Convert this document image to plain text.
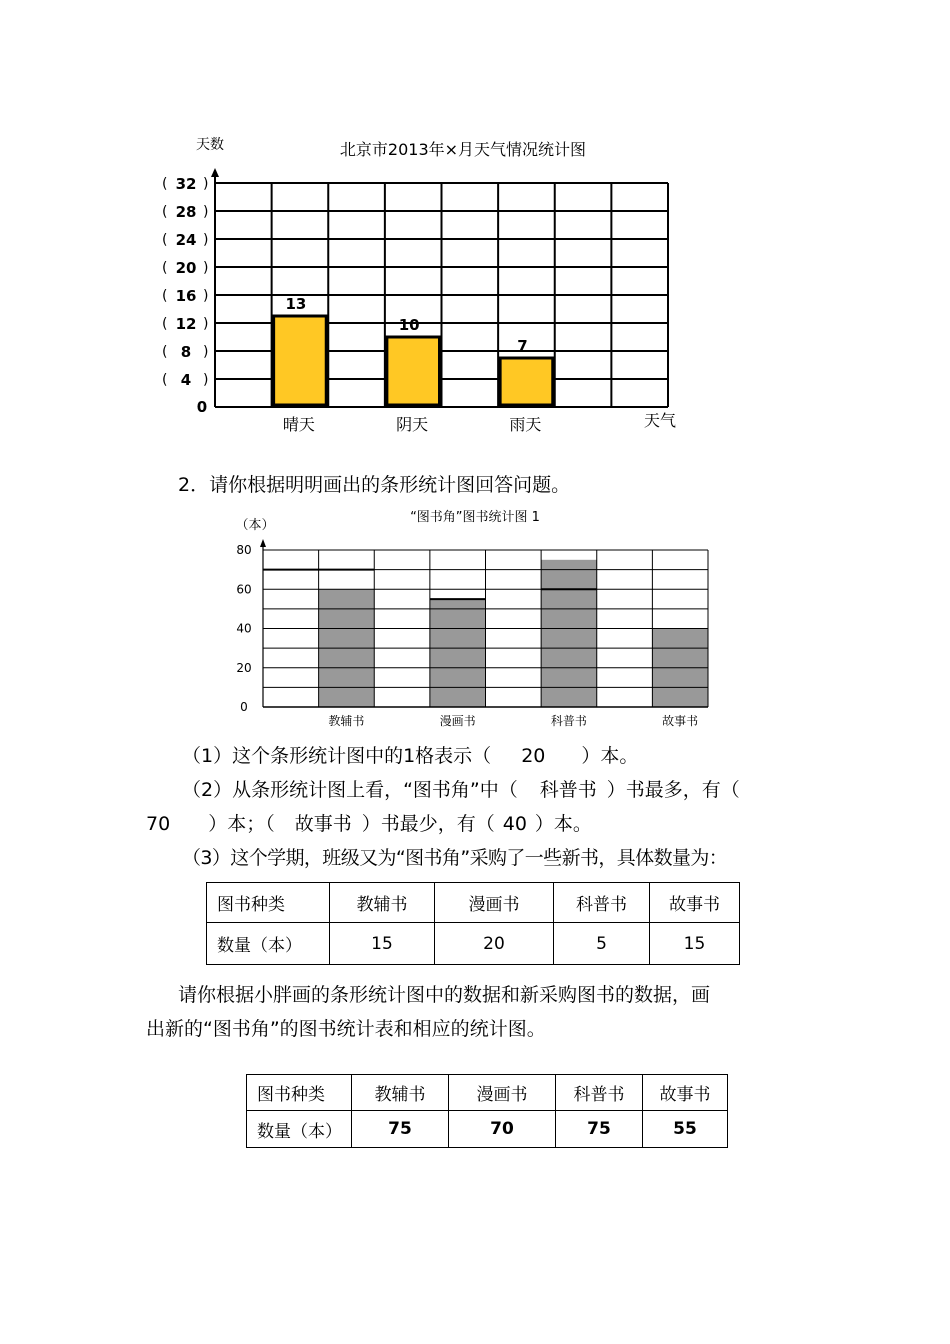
北京市2013年×月天气情况统计图
天数
( 32 )
( 28 )
( 24 )
( 20 )
( 16 )
( 12 )
( 8 )
( 4 )
13
10
7
晴天	阴天	雨天
0
天气
2．请你根据明明画出的条形统计图回答问题。
“图书角”图书统计图 1
（本）
80
60
40
20
0
教辅书	漫画书	科普书	故事书
（1）这个条形统计图中的1格表示（ 20 ）本。
（2）从条形统计图上看，“图书角”中（ 科普书 ）书最多，有（
70 ）本；（ 故事书 ）书最少，有（ 40 ）本。
（3）这个学期，班级又为“图书角”采购了一些新书，具体数量为：
图书种类	教辅书	漫画书	科普书	故事书
数量（本）	15	20	5	15
请你根据小胖画的条形统计图中的数据和新采购图书的数据，画
出新的“图书角”的图书统计表和相应的统计图。
图书种类	教辅书	漫画书	科普书	故事书
数量（本）	75	70	75	55
